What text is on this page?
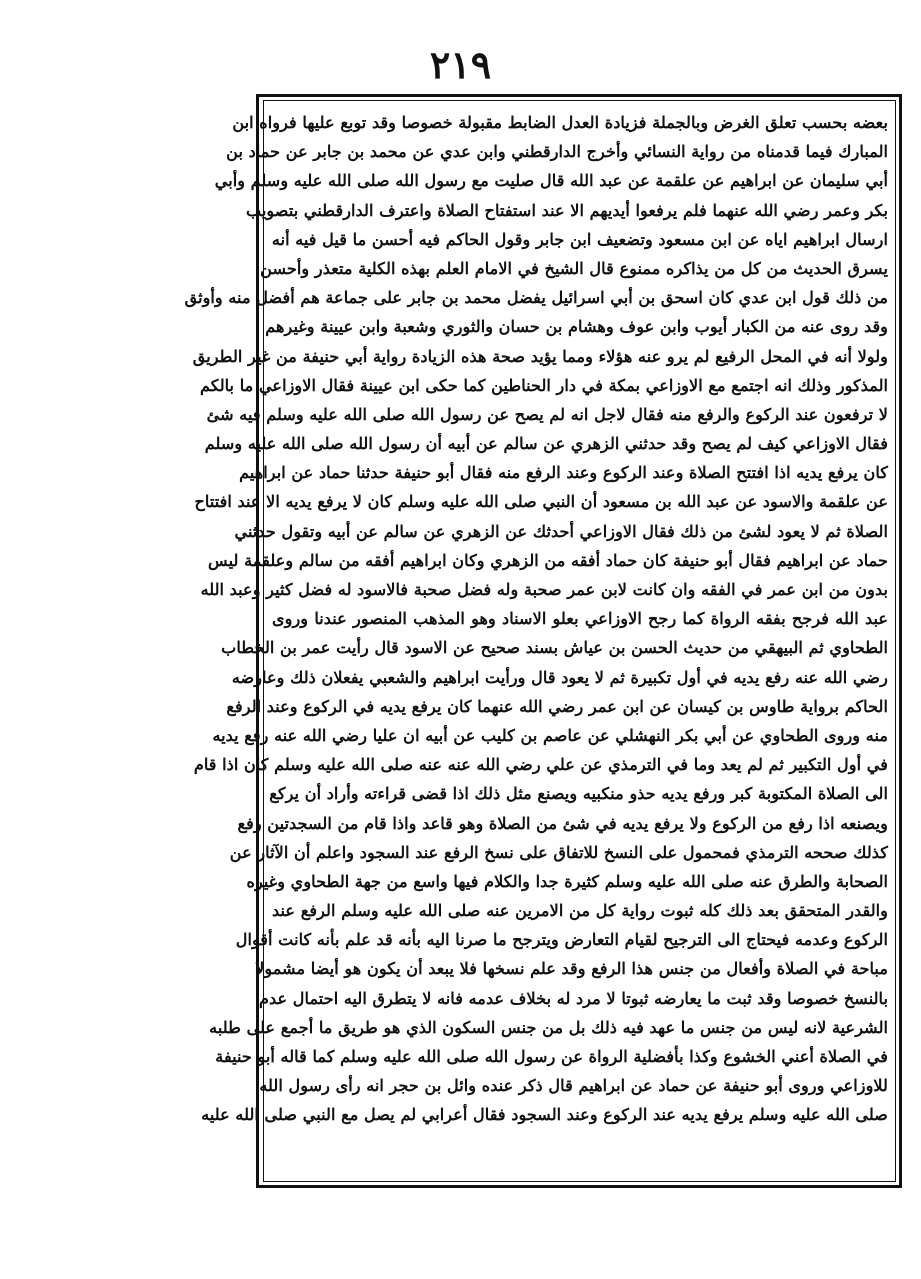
٢١٩
بعضه بحسب تعلق الغرض وبالجملة فزيادة العدل الضابط مقبولة خصوصا وقد توبع عليها فرواه ابن
المبارك فيما قدمناه من رواية النسائي وأخرج الدارقطني وابن عدي عن محمد بن جابر عن حماد بن
أبي سليمان عن ابراهيم عن علقمة عن عبد الله قال صليت مع رسول الله صلى الله عليه وسلم وأبي
بكر وعمر رضي الله عنهما فلم يرفعوا أيديهم الا عند استفتاح الصلاة واعترف الدارقطني بتصويب
ارسال ابراهيم اياه عن ابن مسعود وتضعيف ابن جابر وقول الحاكم فيه أحسن ما قيل فيه أنه
يسرق الحديث من كل من يذاكره ممنوع قال الشيخ في الامام العلم بهذه الكلية متعذر وأحسن
من ذلك قول ابن عدي كان اسحق بن أبي اسرائيل يفضل محمد بن جابر على جماعة هم أفضل منه وأوثق
وقد روى عنه من الكبار أيوب وابن عوف وهشام بن حسان والثوري وشعبة وابن عيينة وغيرهم
ولولا أنه في المحل الرفيع لم يرو عنه هؤلاء ومما يؤيد صحة هذه الزيادة رواية أبي حنيفة من غير الطريق
المذكور وذلك انه اجتمع مع الاوزاعي بمكة في دار الحناطين كما حكى ابن عيينة فقال الاوزاعي ما بالكم
لا ترفعون عند الركوع والرفع منه فقال لاجل انه لم يصح عن رسول الله صلى الله عليه وسلم فيه شئ
فقال الاوزاعي كيف لم يصح وقد حدثني الزهري عن سالم عن أبيه أن رسول الله صلى الله عليه وسلم
كان يرفع يديه اذا افتتح الصلاة وعند الركوع وعند الرفع منه فقال أبو حنيفة حدثنا حماد عن ابراهيم
عن علقمة والاسود عن عبد الله بن مسعود أن النبي صلى الله عليه وسلم كان لا يرفع يديه الا عند افتتاح
الصلاة ثم لا يعود لشئ من ذلك فقال الاوزاعي أحدثك عن الزهري عن سالم عن أبيه وتقول حدثني
حماد عن ابراهيم فقال أبو حنيفة كان حماد أفقه من الزهري وكان ابراهيم أفقه من سالم وعلقمة ليس
بدون من ابن عمر في الفقه وان كانت لابن عمر صحبة وله فضل صحبة فالاسود له فضل كثير وعبد الله
عبد الله فرجح بفقه الرواة كما رجح الاوزاعي بعلو الاسناد وهو المذهب المنصور عندنا وروى
الطحاوي ثم البيهقي من حديث الحسن بن عياش بسند صحيح عن الاسود قال رأيت عمر بن الخطاب
رضي الله عنه رفع يديه في أول تكبيرة ثم لا يعود قال ورأيت ابراهيم والشعبي يفعلان ذلك وعارضه
الحاكم برواية طاوس بن كيسان عن ابن عمر رضي الله عنهما كان يرفع يديه في الركوع وعند الرفع
منه وروى الطحاوي عن أبي بكر النهشلي عن عاصم بن كليب عن أبيه ان عليا رضي الله عنه رفع يديه
في أول التكبير ثم لم يعد وما في الترمذي عن علي رضي الله عنه عنه صلى الله عليه وسلم كان اذا قام
الى الصلاة المكتوبة كبر ورفع يديه حذو منكبيه ويصنع مثل ذلك اذا قضى قراءته وأراد أن يركع
ويصنعه اذا رفع من الركوع ولا يرفع يديه في شئ من الصلاة وهو قاعد واذا قام من السجدتين رفع
كذلك صححه الترمذي فمحمول على النسخ للاتفاق على نسخ الرفع عند السجود واعلم أن الآثار عن
الصحابة والطرق عنه صلى الله عليه وسلم كثيرة جدا والكلام فيها واسع من جهة الطحاوي وغيره
والقدر المتحقق بعد ذلك كله ثبوت رواية كل من الامرين عنه صلى الله عليه وسلم الرفع عند
الركوع وعدمه فيحتاج الى الترجيح لقيام التعارض ويترجح ما صرنا اليه بأنه قد علم بأنه كانت أقوال
مباحة في الصلاة وأفعال من جنس هذا الرفع وقد علم نسخها فلا يبعد أن يكون هو أيضا مشمولا
بالنسخ خصوصا وقد ثبت ما يعارضه ثبوتا لا مرد له بخلاف عدمه فانه لا يتطرق اليه احتمال عدم
الشرعية لانه ليس من جنس ما عهد فيه ذلك بل من جنس السكون الذي هو طريق ما أجمع على طلبه
في الصلاة أعني الخشوع وكذا بأفضلية الرواة عن رسول الله صلى الله عليه وسلم كما قاله أبو حنيفة
للاوزاعي وروى أبو حنيفة عن حماد عن ابراهيم قال ذكر عنده وائل بن حجر انه رأى رسول الله
صلى الله عليه وسلم يرفع يديه عند الركوع وعند السجود فقال أعرابي لم يصل مع النبي صلى الله عليه
